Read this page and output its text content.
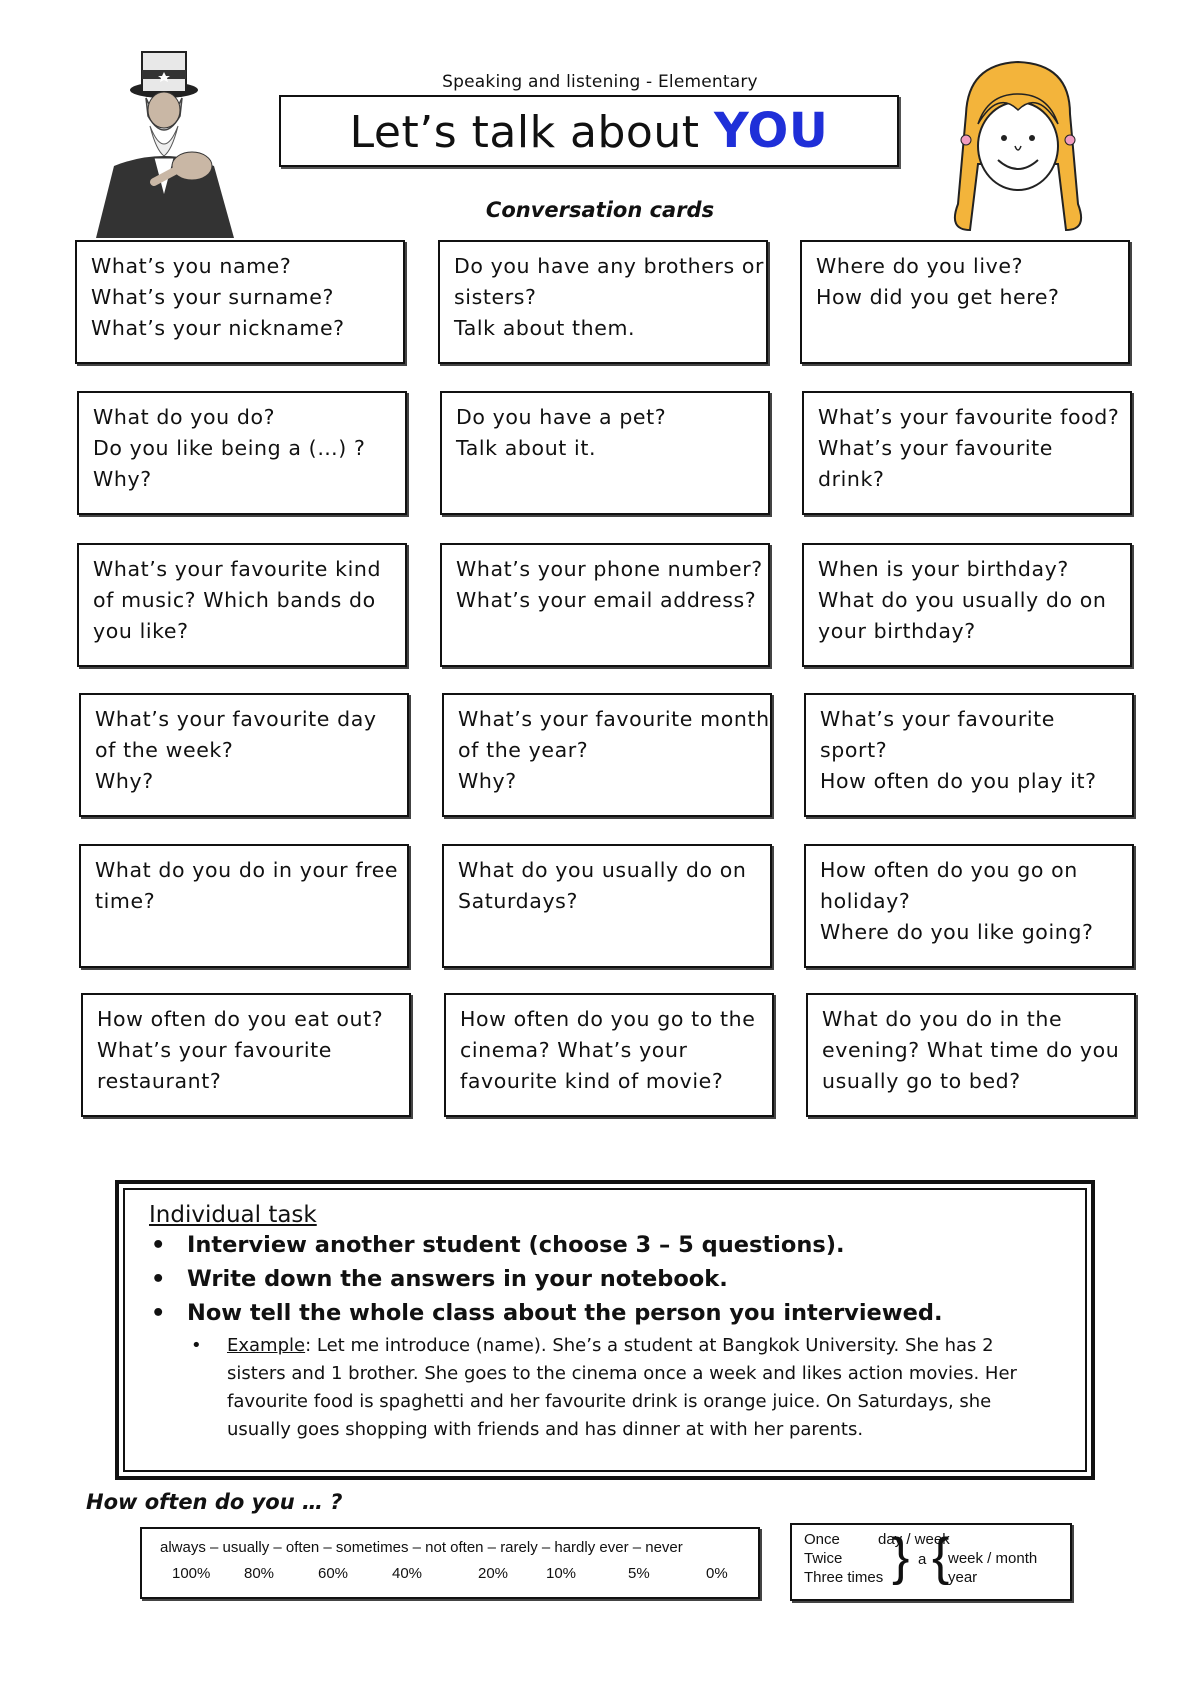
Speaking and listening - Elementary
Let’s talk about YOU
Conversation cards
What’s you name?
What’s your surname?
What’s your nickname?
Do you have any brothers or
sisters?
Talk about them.
Where do you live?
How did you get here?
What do you do?
Do you like being a (…) ?
Why?
Do you have a pet?
Talk about it.
What’s your favourite food?
What’s your favourite
drink?
What’s your favourite kind
of music? Which bands do
you like?
What’s your phone number?
What’s your email address?
When is your birthday?
What do you usually do on
your birthday?
What’s your favourite day
of the week?
Why?
What’s your favourite month
of the year?
Why?
What’s your favourite
sport?
How often do you play it?
What do you do in your free
time?
What do you usually do on
Saturdays?
How often do you go on
holiday?
Where do you like going?
How often do you eat out?
What’s your favourite
restaurant?
How often do you go to the
cinema? What’s your
favourite kind of movie?
What do you do in the
evening? What time do you
usually go to bed?
Individual task
• Interview another student (choose 3 – 5 questions).
• Write down the answers in your notebook.
• Now tell the whole class about the person you interviewed.
• Example: Let me introduce (name). She’s a student at Bangkok University. She has 2
sisters and 1 brother. She goes to the cinema once a week and likes action movies. Her
favourite food is spaghetti and her favourite drink is orange juice. On Saturdays, she
usually goes shopping with friends and has dinner at with her parents.
How often do you … ?
always – usually – often – sometimes – not often – rarely – hardly ever – never
100% 80%	60%	40%	20%	10%	5%	0%
Once
Twice
Three times
day / week
} a {
week / month
year
